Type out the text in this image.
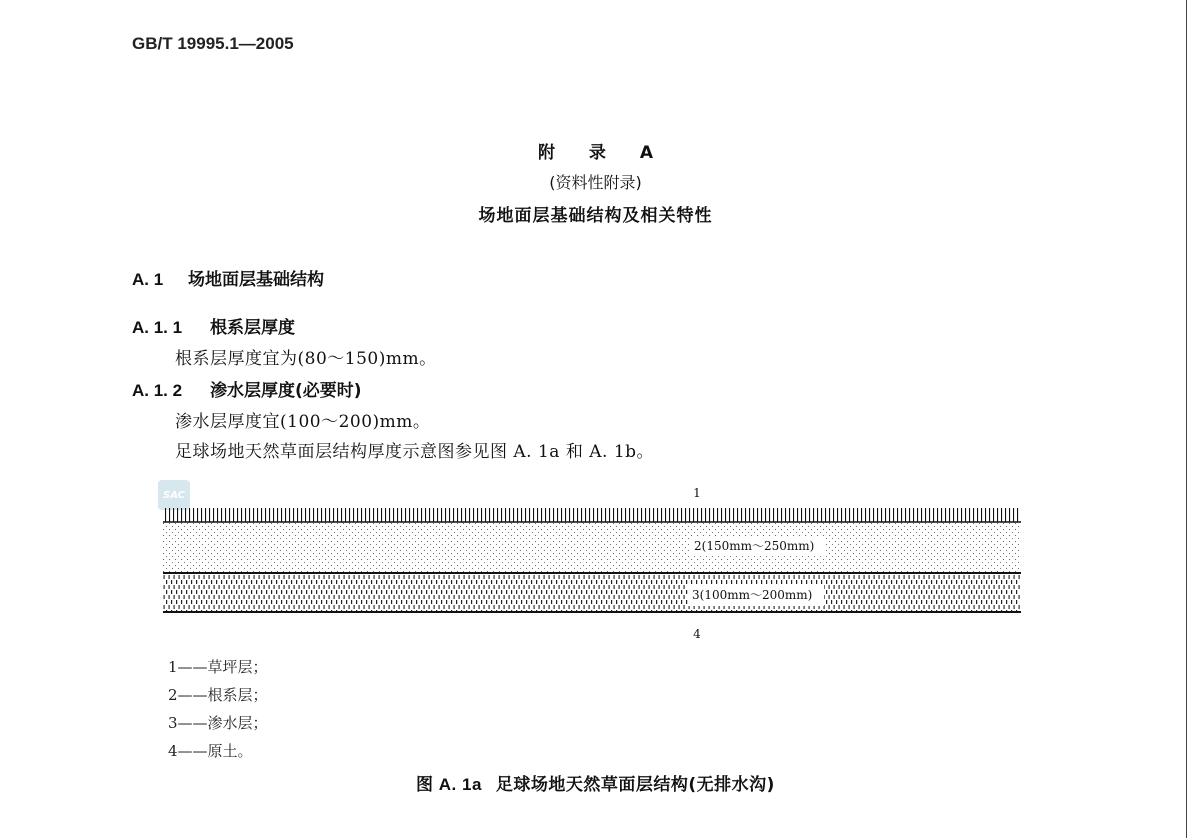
GB/T 19995.1—2005
附 录 A
(资料性附录)
场地面层基础结构及相关特性
A. 1 场地面层基础结构
A. 1. 1 根系层厚度
根系层厚度宜为(80～150)mm。
A. 1. 2 渗水层厚度(必要时)
渗水层厚度宜(100～200)mm。
足球场地天然草面层结构厚度示意图参见图 A. 1a 和 A. 1b。
SAC	1
2(150mm～250mm)
3(100mm～200mm)
4
1——草坪层；
2——根系层；
3——渗水层；
4——原土。
图 A. 1a 足球场地天然草面层结构(无排水沟)
